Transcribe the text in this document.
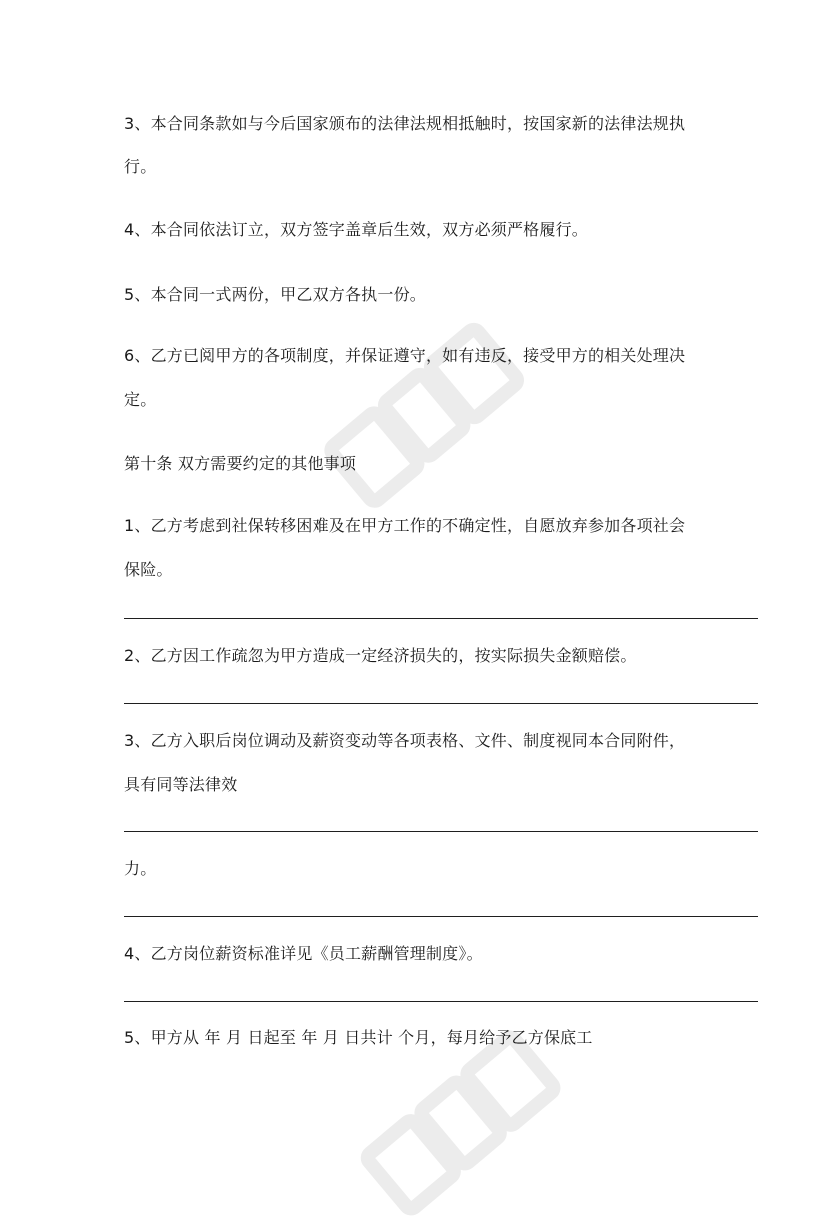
3、本合同条款如与今后国家颁布的法律法规相抵触时，按国家新的法律法规执

行。

4、本合同依法订立，双方签字盖章后生效，双方必须严格履行。

5、本合同一式两份，甲乙双方各执一份。

6、乙方已阅甲方的各项制度，并保证遵守，如有违反，接受甲方的相关处理决

定。

第十条 双方需要约定的其他事项

1、乙方考虑到社保转移困难及在甲方工作的不确定性，自愿放弃参加各项社会

保险。

2、乙方因工作疏忽为甲方造成一定经济损失的，按实际损失金额赔偿。

3、乙方入职后岗位调动及薪资变动等各项表格、文件、制度视同本合同附件，

具有同等法律效

力。

4、乙方岗位薪资标准详见《员工薪酬管理制度》。

5、甲方从 年 月 日起至 年 月 日共计 个月，每月给予乙方保底工
